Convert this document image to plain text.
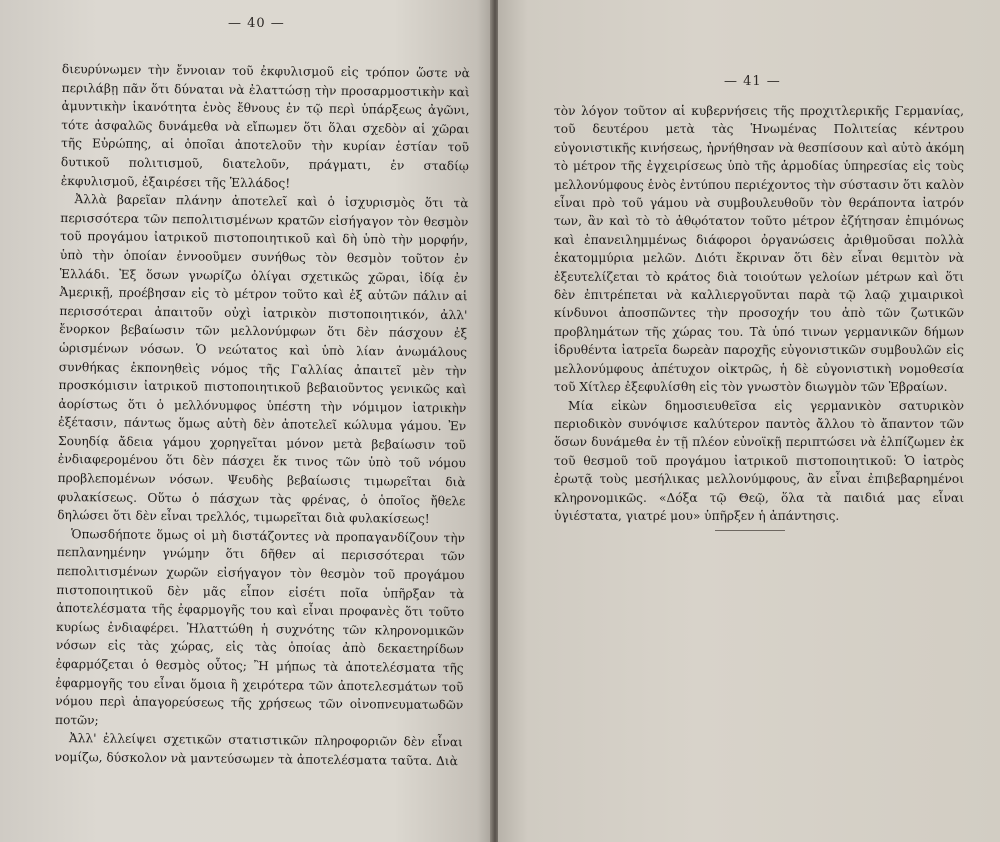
— 40 —

διευρύνωμεν τὴν ἔννοιαν τοῦ ἐκφυλισμοῦ εἰς τρόπον ὥστε νὰ περιλάβῃ πᾶν ὅτι δύναται νὰ ἐλαττώσῃ τὴν προσαρμοστικὴν καὶ ἀμυντικὴν ἱκανότητα ἑνὸς ἔθνους ἐν τῷ περὶ ὑπάρξεως ἀγῶνι, τότε ἀσφαλῶς δυνάμεθα νὰ εἴπωμεν ὅτι ὅλαι σχεδὸν αἱ χῶραι τῆς Εὐρώπης, αἱ ὁποῖαι ἀποτελοῦν τὴν κυρίαν ἑστίαν τοῦ δυτικοῦ πολιτισμοῦ, διατελοῦν, πράγματι, ἐν σταδίῳ ἐκφυλισμοῦ, ἐξαιρέσει τῆς Ἑλλάδος!

Ἀλλὰ βαρεῖαν πλάνην ἀποτελεῖ καὶ ὁ ἰσχυρισμὸς ὅτι τὰ περισσότερα τῶν πεπολιτισμένων κρατῶν εἰσήγαγον τὸν θεσμὸν τοῦ προγάμου ἰατρικοῦ πιστοποιητικοῦ καὶ δὴ ὑπὸ τὴν μορφήν, ὑπὸ τὴν ὁποίαν ἐννοοῦμεν συνήθως τὸν θεσμὸν τοῦτον ἐν Ἑλλάδι. Ἐξ ὅσων γνωρίζω ὀλίγαι σχετικῶς χῶραι, ἰδίᾳ ἐν Ἀμερικῇ, προέβησαν εἰς τὸ μέτρον τοῦτο καὶ ἐξ αὐτῶν πάλιν αἱ περισσότεραι ἀπαιτοῦν οὐχὶ ἰατρικὸν πιστοποιητικόν, ἀλλ' ἔνορκον βεβαίωσιν τῶν μελλονύμφων ὅτι δὲν πάσχουν ἐξ ὡρισμένων νόσων. Ὁ νεώτατος καὶ ὑπὸ λίαν ἀνωμάλους συνθήκας ἐκπονηθεὶς νόμος τῆς Γαλλίας ἀπαιτεῖ μὲν τὴν προσκόμισιν ἰατρικοῦ πιστοποιητικοῦ βεβαιοῦντος γενικῶς καὶ ἀορίστως ὅτι ὁ μελλόνυμφος ὑπέστη τὴν νόμιμον ἰατρικὴν ἐξέτασιν, πάντως ὅμως αὐτὴ δὲν ἀποτελεῖ κώλυμα γάμου. Ἐν Σουηδίᾳ ἄδεια γάμου χορηγεῖται μόνον μετὰ βεβαίωσιν τοῦ ἐνδιαφερομένου ὅτι δὲν πάσχει ἔκ τινος τῶν ὑπὸ τοῦ νόμου προβλεπομένων νόσων. Ψευδὴς βεβαίωσις τιμωρεῖται διὰ φυλακίσεως. Οὕτω ὁ πάσχων τὰς φρένας, ὁ ὁποῖος ἤθελε δηλώσει ὅτι δὲν εἶναι τρελλός, τιμωρεῖται διὰ φυλακίσεως!

Ὁπωσδήποτε ὅμως οἱ μὴ διστάζοντες νὰ προπαγανδίζουν τὴν πεπλανημένην γνώμην ὅτι δῆθεν αἱ περισσότεραι τῶν πεπολιτισμένων χωρῶν εἰσήγαγον τὸν θεσμὸν τοῦ προγάμου πιστοποιητικοῦ δὲν μᾶς εἶπον εἰσέτι ποῖα ὑπῆρξαν τὰ ἀποτελέσματα τῆς ἐφαρμογῆς του καὶ εἶναι προφανὲς ὅτι τοῦτο κυρίως ἐνδιαφέρει. Ἠλαττώθη ἡ συχνότης τῶν κληρονομικῶν νόσων εἰς τὰς χώρας, εἰς τὰς ὁποίας ἀπὸ δεκαετηρίδων ἐφαρμόζεται ὁ θεσμὸς οὗτος; Ἢ μήπως τὰ ἀποτελέσματα τῆς ἐφαρμογῆς του εἶναι ὅμοια ἢ χειρότερα τῶν ἀποτελεσμάτων τοῦ νόμου περὶ ἀπαγορεύσεως τῆς χρήσεως τῶν οἰνοπνευματωδῶν ποτῶν;

Ἀλλ' ἐλλείψει σχετικῶν στατιστικῶν πληροφοριῶν δὲν εἶναι νομίζω, δύσκολον νὰ μαντεύσωμεν τὰ ἀποτελέσματα ταῦτα. Διὰ

— 41 —

τὸν λόγον τοῦτον αἱ κυβερνήσεις τῆς προχιτλερικῆς Γερμανίας, τοῦ δευτέρου μετὰ τὰς Ἡνωμένας Πολιτείας κέντρου εὐγονιστικῆς κινήσεως, ἠρνήθησαν νὰ θεσπίσουν καὶ αὐτὸ ἀκόμη τὸ μέτρον τῆς ἐγχειρίσεως ὑπὸ τῆς ἁρμοδίας ὑπηρεσίας εἰς τοὺς μελλονύμφους ἑνὸς ἐντύπου περιέχοντος τὴν σύστασιν ὅτι καλὸν εἶναι πρὸ τοῦ γάμου νὰ συμβουλευθοῦν τὸν θεράποντα ἰατρόν των, ἂν καὶ τὸ τὸ ἀθῳότατον τοῦτο μέτρον ἐζήτησαν ἐπιμόνως καὶ ἐπανειλημμένως διάφοροι ὀργανώσεις ἀριθμοῦσαι πολλὰ ἑκατομμύρια μελῶν. Διότι ἔκριναν ὅτι δὲν εἶναι θεμιτὸν νὰ ἐξευτελίζεται τὸ κράτος διὰ τοιούτων γελοίων μέτρων καὶ ὅτι δὲν ἐπιτρέπεται νὰ καλλιεργοῦνται παρὰ τῷ λαῷ χιμαιρικοὶ κίνδυνοι ἀποσπῶντες τὴν προσοχήν του ἀπὸ τῶν ζωτικῶν προβλημάτων τῆς χώρας του. Τὰ ὑπό τινων γερμανικῶν δήμων ἱδρυθέντα ἰατρεῖα δωρεὰν παροχῆς εὐγονιστικῶν συμβουλῶν εἰς μελλονύμφους ἀπέτυχον οἰκτρῶς, ἡ δὲ εὐγονιστικὴ νομοθεσία τοῦ Χίτλερ ἐξεφυλίσθη εἰς τὸν γνωστὸν διωγμὸν τῶν Ἑβραίων.

Μία εἰκὼν δημοσιευθεῖσα εἰς γερμανικὸν σατυρικὸν περιοδικὸν συνόψισε καλύτερον παντὸς ἄλλου τὸ ἄπαντον τῶν ὅσων δυνάμεθα ἐν τῇ πλέον εὐνοϊκῇ περιπτώσει νὰ ἐλπίζωμεν ἐκ τοῦ θεσμοῦ τοῦ προγάμου ἰατρικοῦ πιστοποιητικοῦ: Ὁ ἰατρὸς ἐρωτᾷ τοὺς μεσήλικας μελλονύμφους, ἂν εἶναι ἐπιβεβαρημένοι κληρονομικῶς. «Δόξα τῷ Θεῷ, ὅλα τὰ παιδιά μας εἶναι ὑγιέστατα, γιατρέ μου» ὑπῆρξεν ἡ ἀπάντησις.
